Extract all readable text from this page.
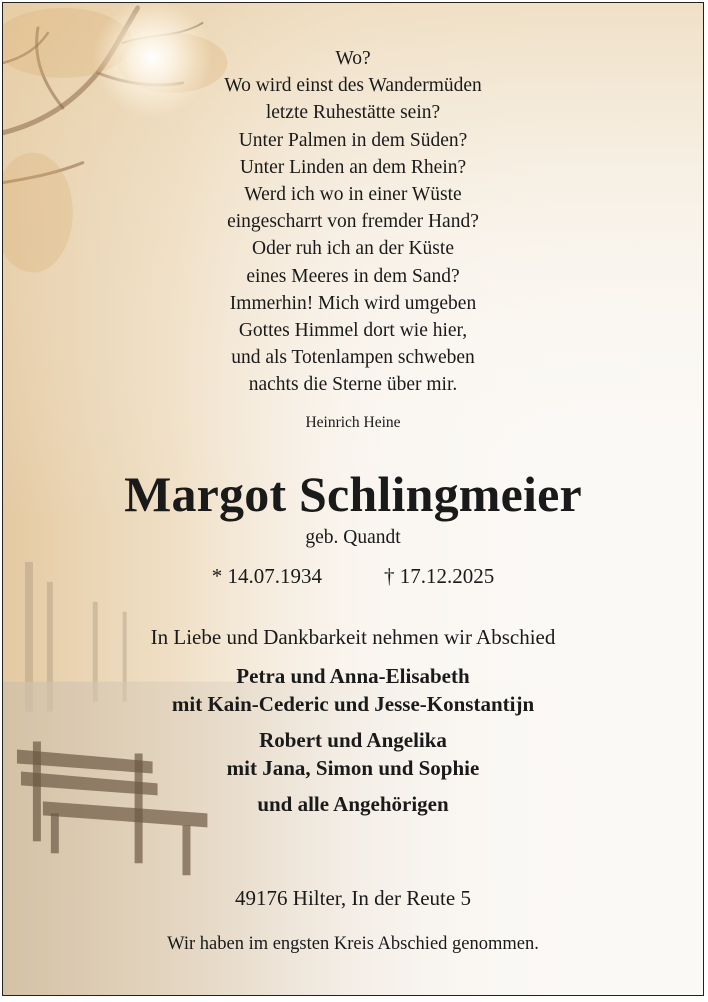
Wo?
Wo wird einst des Wandermüden
letzte Ruhestätte sein?
Unter Palmen in dem Süden?
Unter Linden an dem Rhein?
Werd ich wo in einer Wüste
eingescharrt von fremder Hand?
Oder ruh ich an der Küste
eines Meeres in dem Sand?
Immerhin! Mich wird umgeben
Gottes Himmel dort wie hier,
und als Totenlampen schweben
nachts die Sterne über mir.
Heinrich Heine
Margot Schlingmeier
geb. Quandt
* 14.07.1934	† 17.12.2025
In Liebe und Dankbarkeit nehmen wir Abschied
Petra und Anna-Elisabeth
mit Kain-Cederic und Jesse-Konstantijn
Robert und Angelika
mit Jana, Simon und Sophie
und alle Angehörigen
49176 Hilter, In der Reute 5
Wir haben im engsten Kreis Abschied genommen.
